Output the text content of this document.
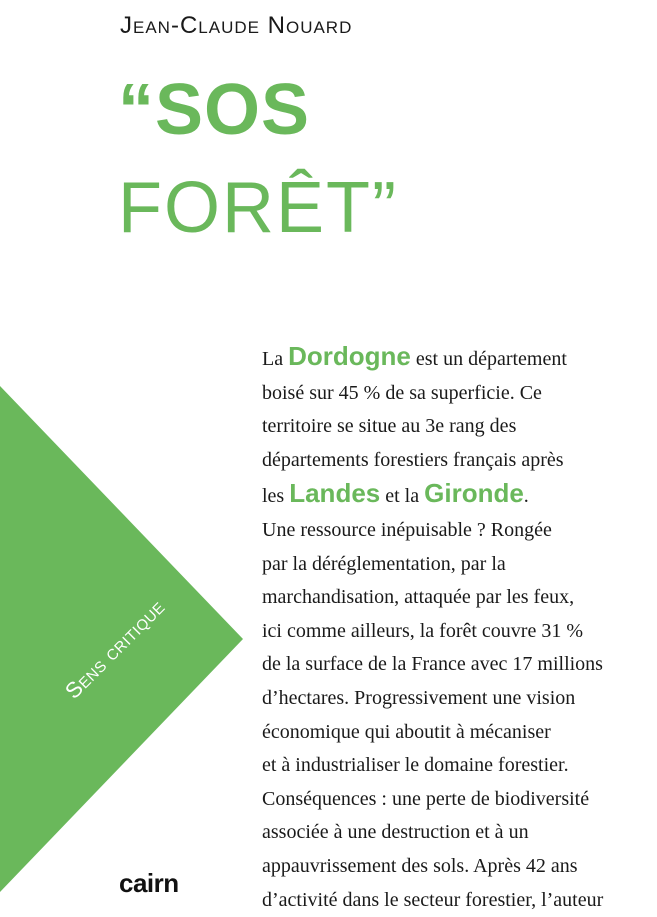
Jean-Claude Nouard
“SOS
FORÊT”
Sens critique
La Dordogne est un département
boisé sur 45 % de sa superficie. Ce
territoire se situe au 3e rang des
départements forestiers français après
les Landes et la Gironde.
Une ressource inépuisable ? Rongée
par la déréglementation, par la
marchandisation, attaquée par les feux,
ici comme ailleurs, la forêt couvre 31 %
de la surface de la France avec 17 millions
d’hectares. Progressivement une vision
économique qui aboutit à mécaniser
et à industrialiser le domaine forestier.
Conséquences : une perte de biodiversité
associée à une destruction et à un
appauvrissement des sols. Après 42 ans
d’activité dans le secteur forestier, l’auteur
cairn
